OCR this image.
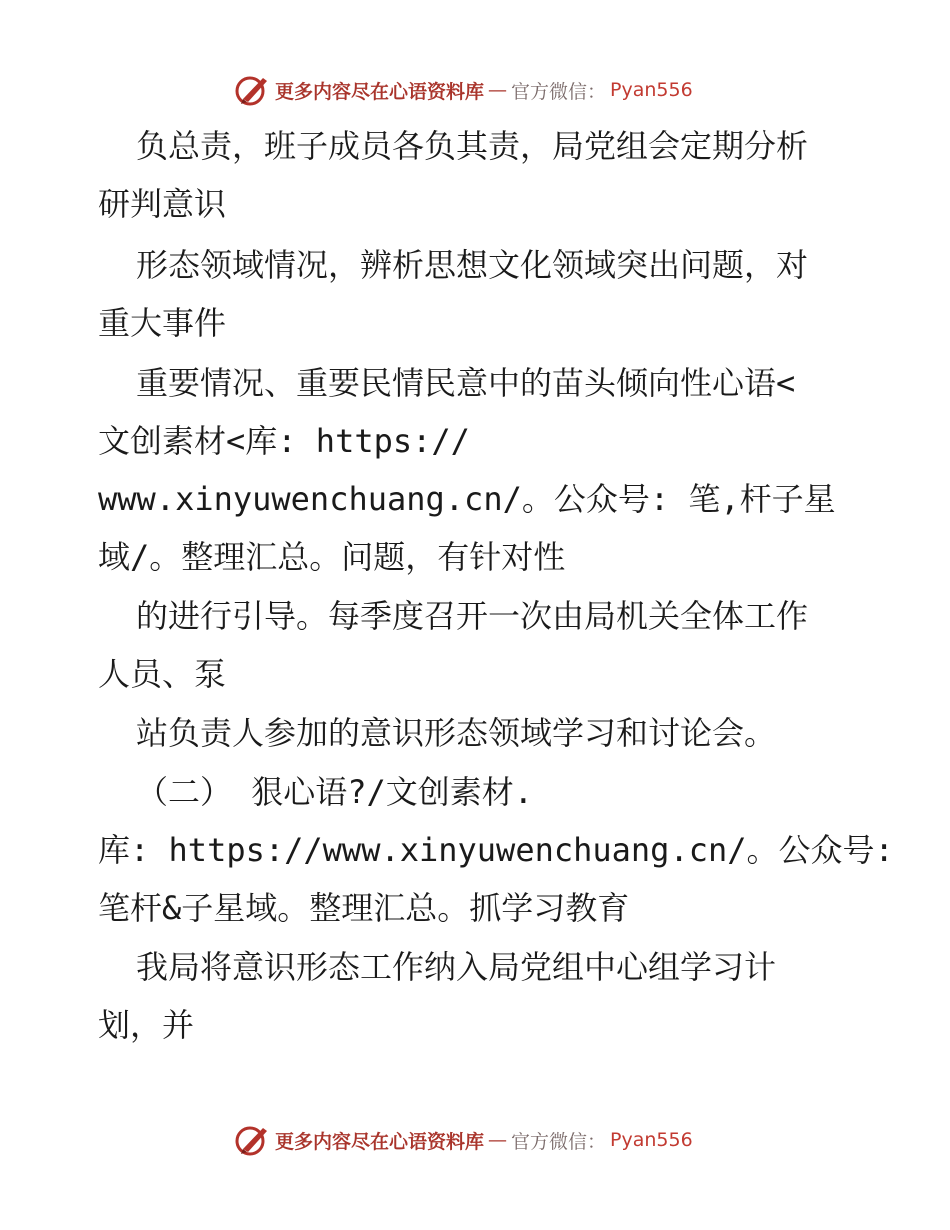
更多内容尽在心语资料库 — 官方微信： Pyan556
负总责，班子成员各负其责，局党组会定期分析
研判意识
形态领域情况，辨析思想文化领域突出问题，对
重大事件
重要情况、重要民情民意中的苗头倾向性心语<
文创素材<库: https://
www.xinyuwenchuang.cn/。公众号: 笔,杆子星
域/。整理汇总。问题，有针对性
的进行引导。每季度召开一次由局机关全体工作
人员、泵
站负责人参加的意识形态领域学习和讨论会。
（二） 狠心语?/文创素材.
库: https://www.xinyuwenchuang.cn/。公众号:
笔杆&子星域。整理汇总。抓学习教育
我局将意识形态工作纳入局党组中心组学习计
划，并
更多内容尽在心语资料库 — 官方微信： Pyan556
